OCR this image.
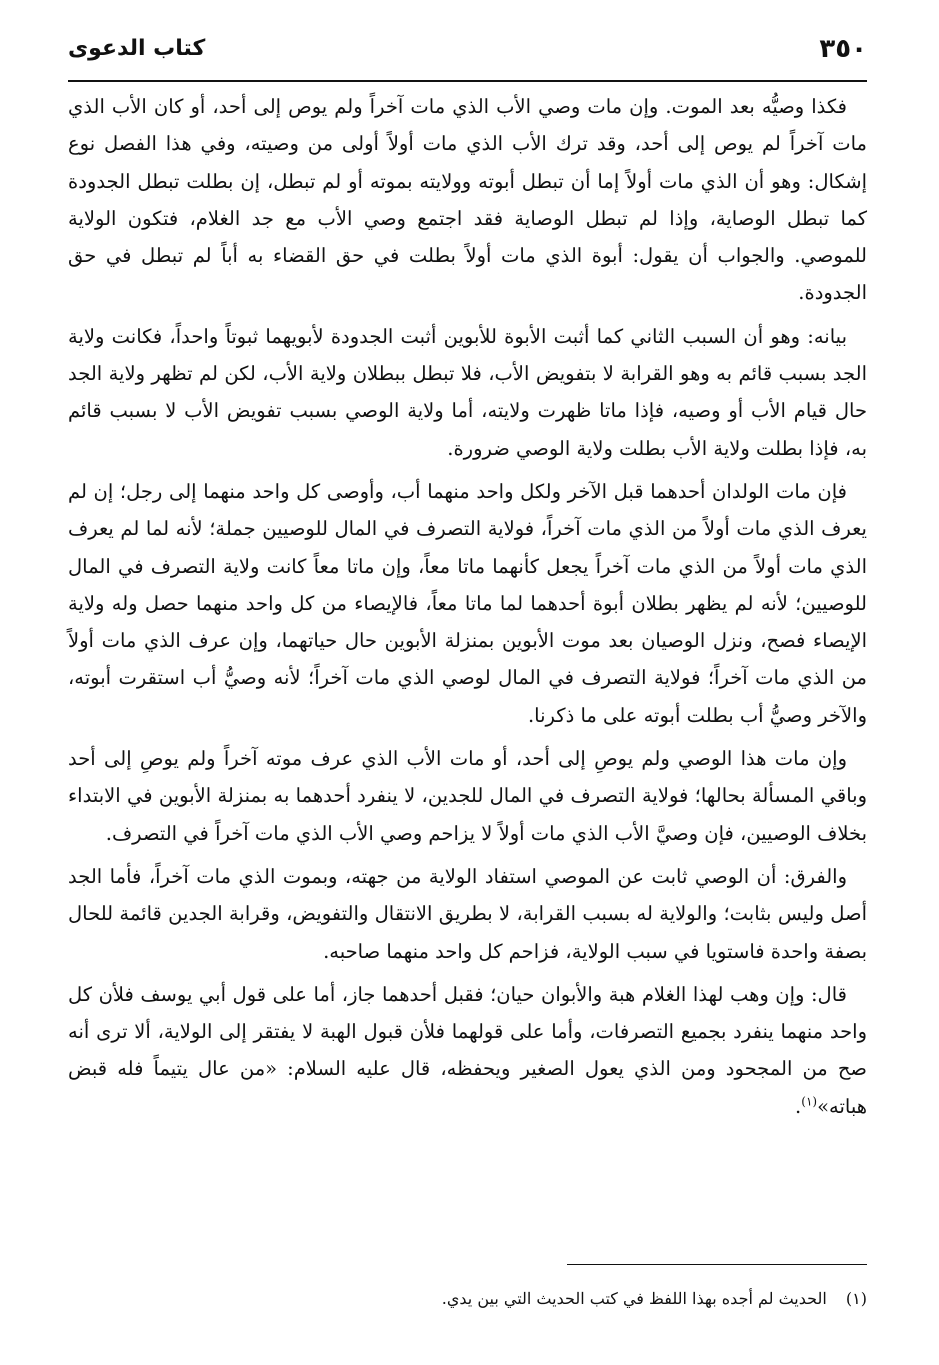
٣٥٠
كتاب الدعوى

فكذا وصيُّه بعد الموت. وإن مات وصي الأب الذي مات آخراً ولم يوص إلى أحد، أو كان الأب الذي مات آخراً لم يوص إلى أحد، وقد ترك الأب الذي مات أولاً أولى من وصيته، وفي هذا الفصل نوع إشكال: وهو أن الذي مات أولاً إما أن تبطل أبوته وولايته بموته أو لم تبطل، إن بطلت تبطل الجدودة كما تبطل الوصاية، وإذا لم تبطل الوصاية فقد اجتمع وصي الأب مع جد الغلام، فتكون الولاية للموصي. والجواب أن يقول: أبوة الذي مات أولاً بطلت في حق القضاء به أباً لم تبطل في حق الجدودة.

بيانه: وهو أن السبب الثاني كما أثبت الأبوة للأبوين أثبت الجدودة لأبويهما ثبوتاً واحداً، فكانت ولاية الجد بسبب قائم به وهو القرابة لا بتفويض الأب، فلا تبطل ببطلان ولاية الأب، لكن لم تظهر ولاية الجد حال قيام الأب أو وصيه، فإذا ماتا ظهرت ولايته، أما ولاية الوصي بسبب تفويض الأب لا بسبب قائم به، فإذا بطلت ولاية الأب بطلت ولاية الوصي ضرورة.

فإن مات الولدان أحدهما قبل الآخر ولكل واحد منهما أب، وأوصى كل واحد منهما إلى رجل؛ إن لم يعرف الذي مات أولاً من الذي مات آخراً، فولاية التصرف في المال للوصيين جملة؛ لأنه لما لم يعرف الذي مات أولاً من الذي مات آخراً يجعل كأنهما ماتا معاً، وإن ماتا معاً كانت ولاية التصرف في المال للوصيين؛ لأنه لم يظهر بطلان أبوة أحدهما لما ماتا معاً، فالإيصاء من كل واحد منهما حصل وله ولاية الإيصاء فصح، ونزل الوصيان بعد موت الأبوين بمنزلة الأبوين حال حياتهما، وإن عرف الذي مات أولاً من الذي مات آخراً؛ فولاية التصرف في المال لوصي الذي مات آخراً؛ لأنه وصيُّ أب استقرت أبوته، والآخر وصيُّ أب بطلت أبوته على ما ذكرنا.

وإن مات هذا الوصي ولم يوصِ إلى أحد، أو مات الأب الذي عرف موته آخراً ولم يوصِ إلى أحد وباقي المسألة بحالها؛ فولاية التصرف في المال للجدين، لا ينفرد أحدهما به بمنزلة الأبوين في الابتداء بخلاف الوصيين، فإن وصيَّ الأب الذي مات أولاً لا يزاحم وصي الأب الذي مات آخراً في التصرف.

والفرق: أن الوصي ثابت عن الموصي استفاد الولاية من جهته، وبموت الذي مات آخراً، فأما الجد أصل وليس بثابت؛ والولاية له بسبب القرابة، لا بطريق الانتقال والتفويض، وقرابة الجدين قائمة للحال بصفة واحدة فاستويا في سبب الولاية، فزاحم كل واحد منهما صاحبه.

قال: وإن وهب لهذا الغلام هبة والأبوان حيان؛ فقبل أحدهما جاز، أما على قول أبي يوسف فلأن كل واحد منهما ينفرد بجميع التصرفات، وأما على قولهما فلأن قبول الهبة لا يفتقر إلى الولاية، ألا ترى أنه صح من المجحود ومن الذي يعول الصغير ويحفظه، قال عليه السلام: «من عال يتيماً فله قبض هباته»$^{(١)}$.

(١) الحديث لم أجده بهذا اللفظ في كتب الحديث التي بين يدي.
